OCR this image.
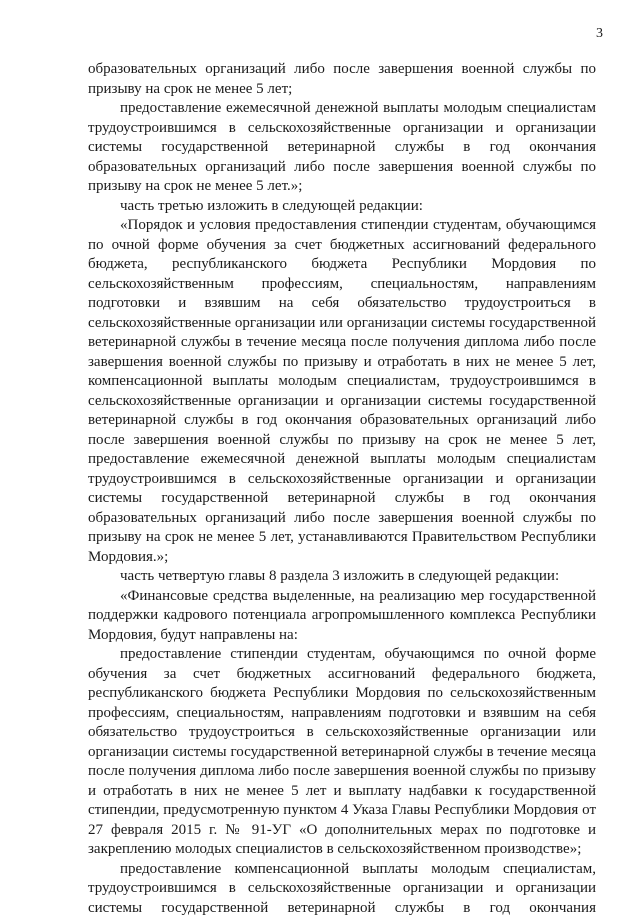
3

образовательных организаций либо после завершения военной службы по призыву на срок не менее 5 лет;

предоставление ежемесячной денежной выплаты молодым специалистам трудоустроившимся в сельскохозяйственные организации и организации системы государственной ветеринарной службы в год окончания образовательных организаций либо после завершения военной службы по призыву на срок не менее 5 лет.»;

часть третью изложить в следующей редакции:

«Порядок и условия предоставления стипендии студентам, обучающимся по очной форме обучения за счет бюджетных ассигнований федерального бюджета, республиканского бюджета Республики Мордовия по сельскохозяйственным профессиям, специальностям, направлениям подготовки и взявшим на себя обязательство трудоустроиться в сельскохозяйственные организации или организации системы государственной ветеринарной службы в течение месяца после получения диплома либо после завершения военной службы по призыву и отработать в них не менее 5 лет, компенсационной выплаты молодым специалистам, трудоустроившимся в сельскохозяйственные организации и организации системы государственной ветеринарной службы в год окончания образовательных организаций либо после завершения военной службы по призыву на срок не менее 5 лет, предоставление ежемесячной денежной выплаты молодым специалистам трудоустроившимся в сельскохозяйственные организации и организации системы государственной ветеринарной службы в год окончания образовательных организаций либо после завершения военной службы по призыву на срок не менее 5 лет, устанавливаются Правительством Республики Мордовия.»;

часть четвертую главы 8 раздела 3 изложить в следующей редакции:

«Финансовые средства выделенные, на реализацию мер государственной поддержки кадрового потенциала агропромышленного комплекса Республики Мордовия, будут направлены на:

предоставление стипендии студентам, обучающимся по очной форме обучения за счет бюджетных ассигнований федерального бюджета, республиканского бюджета Республики Мордовия по сельскохозяйственным профессиям, специальностям, направлениям подготовки и взявшим на себя обязательство трудоустроиться в сельскохозяйственные организации или организации системы государственной ветеринарной службы в течение месяца после получения диплома либо после завершения военной службы по призыву и отработать в них не менее 5 лет и выплату надбавки к государственной стипендии, предусмотренную пунктом 4 Указа Главы Республики Мордовия от 27 февраля 2015 г. № 91-УГ «О дополнительных мерах по подготовке и закреплению молодых специалистов в сельскохозяйственном производстве»;

предоставление компенсационной выплаты молодым специалистам, трудоустроившимся в сельскохозяйственные организации и организации системы государственной ветеринарной службы в год окончания
